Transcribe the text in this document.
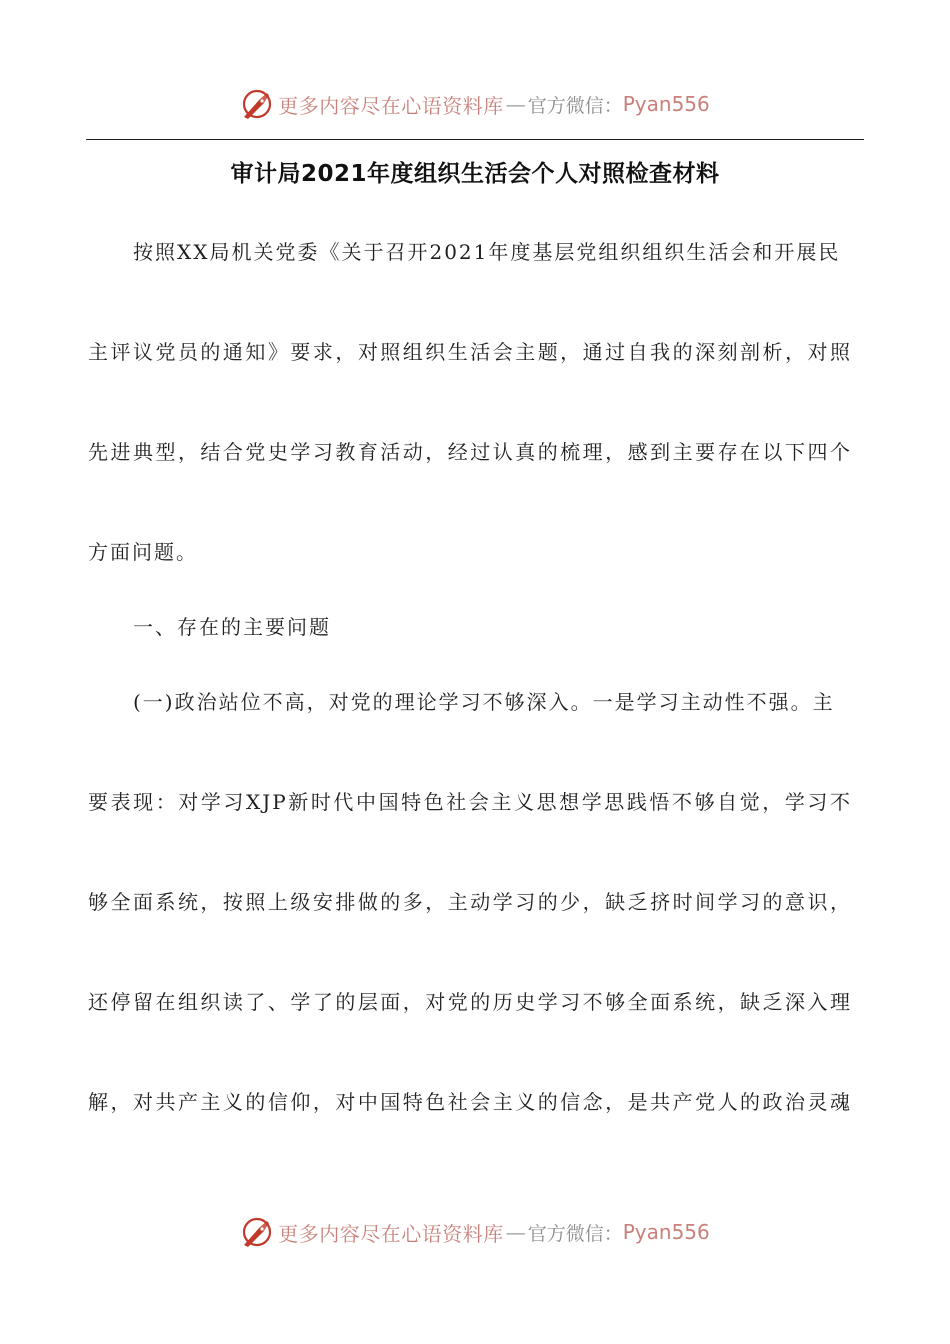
更多内容尽在心语资料库 — 官方微信： Pyan556
审计局2021年度组织生活会个人对照检查材料
按照XX局机关党委《关于召开2021年度基层党组织组织生活会和开展民
主评议党员的通知》要求，对照组织生活会主题，通过自我的深刻剖析，对照
先进典型，结合党史学习教育活动，经过认真的梳理，感到主要存在以下四个
方面问题。
一、存在的主要问题
(一)政治站位不高，对党的理论学习不够深入。一是学习主动性不强。主
要表现：对学习XJP新时代中国特色社会主义思想学思践悟不够自觉，学习不
够全面系统，按照上级安排做的多，主动学习的少，缺乏挤时间学习的意识，
还停留在组织读了、学了的层面，对党的历史学习不够全面系统，缺乏深入理
解，对共产主义的信仰，对中国特色社会主义的信念，是共产党人的政治灵魂
更多内容尽在心语资料库 — 官方微信： Pyan556
